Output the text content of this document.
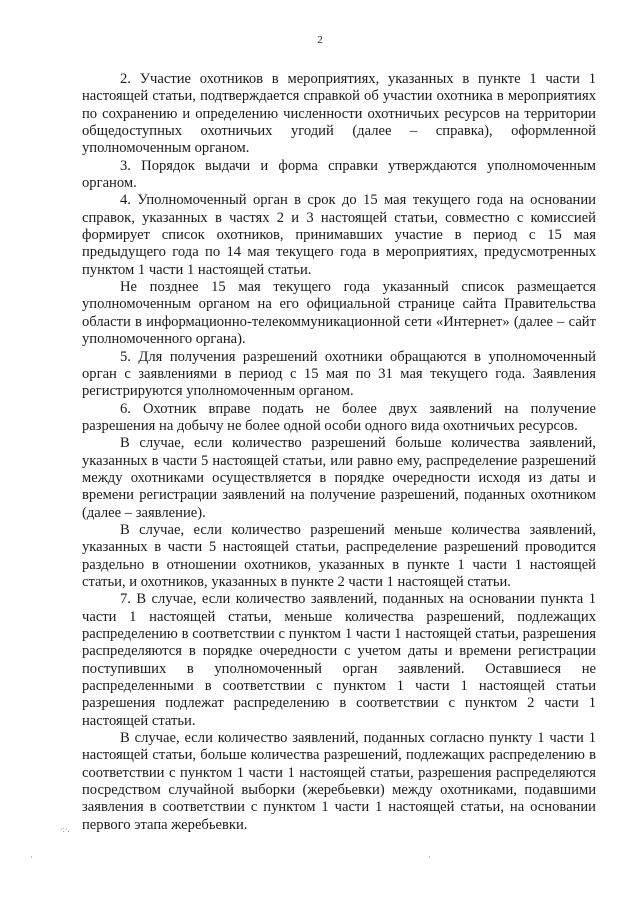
2

2. Участие охотников в мероприятиях, указанных в пункте 1 части 1 настоящей статьи, подтверждается справкой об участии охотника в мероприятиях по сохранению и определению численности охотничьих ресурсов на территории общедоступных охотничьих угодий (далее – справка), оформленной уполномоченным органом.

3. Порядок выдачи и форма справки утверждаются уполномоченным органом.

4. Уполномоченный орган в срок до 15 мая текущего года на основании справок, указанных в частях 2 и 3 настоящей статьи, совместно с комиссией формирует список охотников, принимавших участие в период с 15 мая предыдущего года по 14 мая текущего года в мероприятиях, предусмотренных пунктом 1 части 1 настоящей статьи.

Не позднее 15 мая текущего года указанный список размещается уполномоченным органом на его официальной странице сайта Правительства области в информационно-телекоммуникационной сети «Интернет» (далее – сайт уполномоченного органа).

5. Для получения разрешений охотники обращаются в уполномоченный орган с заявлениями в период с 15 мая по 31 мая текущего года. Заявления регистрируются уполномоченным органом.

6. Охотник вправе подать не более двух заявлений на получение разрешения на добычу не более одной особи одного вида охотничьих ресурсов.

В случае, если количество разрешений больше количества заявлений, указанных в части 5 настоящей статьи, или равно ему, распределение разрешений между охотниками осуществляется в порядке очередности исходя из даты и времени регистрации заявлений на получение разрешений, поданных охотником (далее – заявление).

В случае, если количество разрешений меньше количества заявлений, указанных в части 5 настоящей статьи, распределение разрешений проводится раздельно в отношении охотников, указанных в пункте 1 части 1 настоящей статьи, и охотников, указанных в пункте 2 части 1 настоящей статьи.

7. В случае, если количество заявлений, поданных на основании пункта 1 части 1 настоящей статьи, меньше количества разрешений, подлежащих распределению в соответствии с пунктом 1 части 1 настоящей статьи, разрешения распределяются в порядке очередности с учетом даты и времени регистрации поступивших в уполномоченный орган заявлений. Оставшиеся не распределенными в соответствии с пунктом 1 части 1 настоящей статьи разрешения подлежат распределению в соответствии с пунктом 2 части 1 настоящей статьи.

В случае, если количество заявлений, поданных согласно пункту 1 части 1 настоящей статьи, больше количества разрешений, подлежащих распределению в соответствии с пунктом 1 части 1 настоящей статьи, разрешения распределяются посредством случайной выборки (жеребьевки) между охотниками, подавшими заявления в соответствии с пунктом 1 части 1 настоящей статьи, на основании первого этапа жеребьевки.

·:·.
·	·
